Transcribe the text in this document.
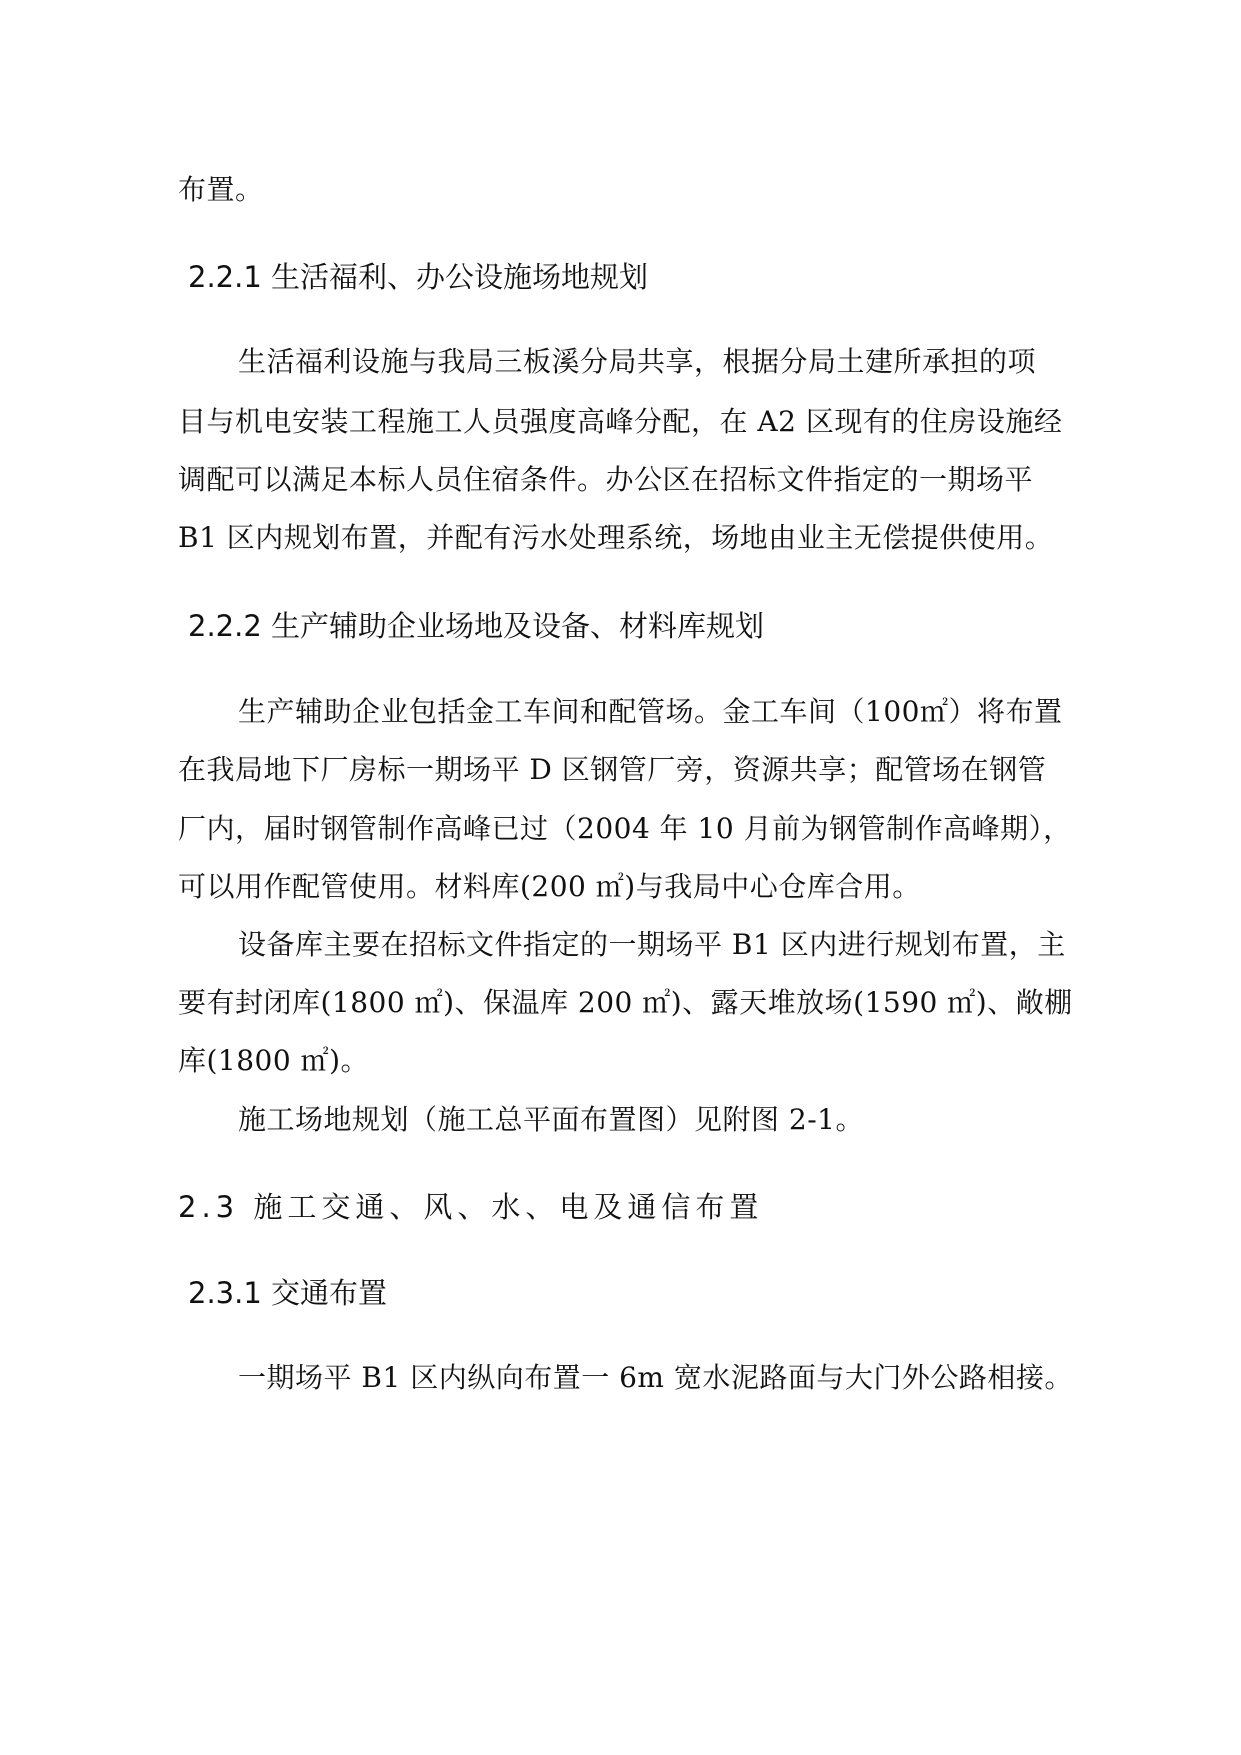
布置。
2.2.1 生活福利、办公设施场地规划
生活福利设施与我局三板溪分局共享，根据分局土建所承担的项
目与机电安装工程施工人员强度高峰分配，在 A2 区现有的住房设施经
调配可以满足本标人员住宿条件。办公区在招标文件指定的一期场平
B1 区内规划布置，并配有污水处理系统，场地由业主无偿提供使用。
2.2.2 生产辅助企业场地及设备、材料库规划
生产辅助企业包括金工车间和配管场。金工车间（100㎡）将布置
在我局地下厂房标一期场平 D 区钢管厂旁，资源共享；配管场在钢管
厂内，届时钢管制作高峰已过（2004 年 10 月前为钢管制作高峰期），
可以用作配管使用。材料库(200 ㎡)与我局中心仓库合用。
设备库主要在招标文件指定的一期场平 B1 区内进行规划布置，主
要有封闭库(1800 ㎡)、保温库 200 ㎡)、露天堆放场(1590 ㎡)、敞棚
库(1800 ㎡)。
施工场地规划（施工总平面布置图）见附图 2-1。
2.3 施工交通、风、水、电及通信布置
2.3.1 交通布置
一期场平 B1 区内纵向布置一 6m 宽水泥路面与大门外公路相接。
